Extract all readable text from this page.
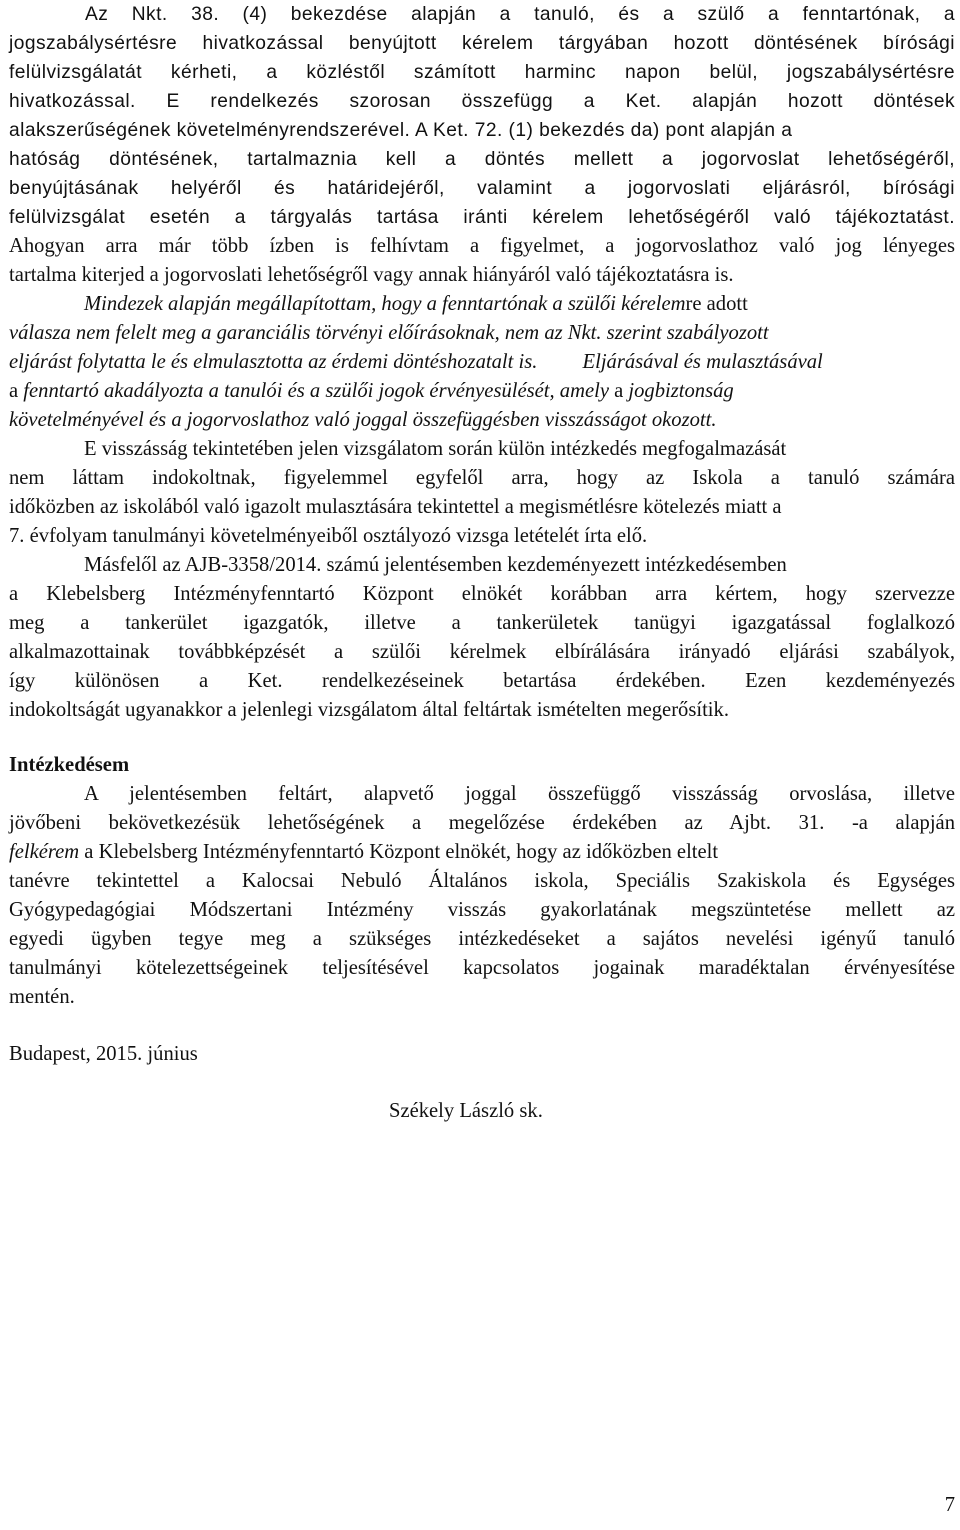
Az Nkt. 38. (4) bekezdése alapján a tanuló, és a szülő a fenntartónak, a
jogszabálysértésre hivatkozással benyújtott kérelem tárgyában hozott döntésének bírósági
felülvizsgálatát kérheti, a közléstől számított harminc napon belül, jogszabálysértésre
hivatkozással. E rendelkezés szorosan összefügg a Ket. alapján hozott döntések
alakszerűségének követelményrendszerével. A Ket. 72. (1) bekezdés da) pont alapján a
hatóság döntésének, tartalmaznia kell a döntés mellett a jogorvoslat lehetőségéről,
benyújtásának helyéről és határidejéről, valamint a jogorvoslati eljárásról, bírósági
felülvizsgálat esetén a tárgyalás tartása iránti kérelem lehetőségéről való tájékoztatást.
Ahogyan arra már több ízben is felhívtam a figyelmet, a jogorvoslathoz való jog lényeges
tartalma kiterjed a jogorvoslati lehetőségről vagy annak hiányáról való tájékoztatásra is.
Mindezek alapján megállapítottam, hogy a fenntartónak a szülői kérelemre adott
válasza nem felelt meg a garanciális törvényi előírásoknak, nem az Nkt. szerint szabályozott
eljárást folytatta le és elmulasztotta az érdemi döntéshozatalt is. Eljárásával és mulasztásával
a fenntartó akadályozta a tanulói és a szülői jogok érvényesülését, amely a jogbiztonság
követelményével és a jogorvoslathoz való joggal összefüggésben visszásságot okozott.
E visszásság tekintetében jelen vizsgálatom során külön intézkedés megfogalmazását
nem láttam indokoltnak, figyelemmel egyfelől arra, hogy az Iskola a tanuló számára
időközben az iskolából való igazolt mulasztására tekintettel a megismétlésre kötelezés miatt a
7. évfolyam tanulmányi követelményeiből osztályozó vizsga letételét írta elő.
Másfelől az AJB-3358/2014. számú jelentésemben kezdeményezett intézkedésemben
a Klebelsberg Intézményfenntartó Központ elnökét korábban arra kértem, hogy szervezze
meg a tankerület igazgatók, illetve a tankerületek tanügyi igazgatással foglalkozó
alkalmazottainak továbbképzését a szülői kérelmek elbírálására irányadó eljárási szabályok,
így különösen a Ket. rendelkezéseinek betartása érdekében. Ezen kezdeményezés
indokoltságát ugyanakkor a jelenlegi vizsgálatom által feltártak ismételten megerősítik.
Intézkedésem
A jelentésemben feltárt, alapvető joggal összefüggő visszásság orvoslása, illetve
jövőbeni bekövetkezésük lehetőségének a megelőzése érdekében az Ajbt. 31. -a alapján
felkérem a Klebelsberg Intézményfenntartó Központ elnökét, hogy az időközben eltelt
tanévre tekintettel a Kalocsai Nebuló Általános iskola, Speciális Szakiskola és Egységes
Gyógypedagógiai Módszertani Intézmény visszás gyakorlatának megszüntetése mellett az
egyedi ügyben tegye meg a szükséges intézkedéseket a sajátos nevelési igényű tanuló
tanulmányi kötelezettségeinek teljesítésével kapcsolatos jogainak maradéktalan érvényesítése
mentén.
Budapest, 2015. június
Székely László sk.
7
